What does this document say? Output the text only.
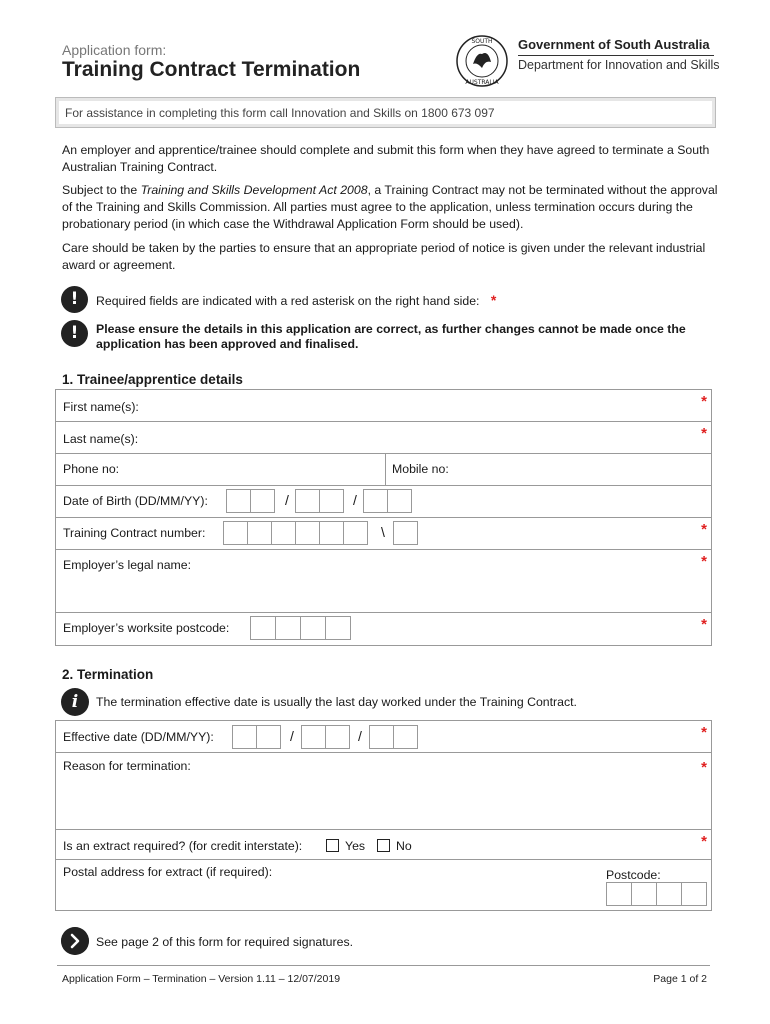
Application form:
Training Contract Termination
SOUTH
AUSTRALIA
Government of South Australia
Department for Innovation and Skills
For assistance in completing this form call Innovation and Skills on 1800 673 097
An employer and apprentice/trainee should complete and submit this form when they have agreed to terminate a South Australian Training Contract.
Subject to the Training and Skills Development Act 2008, a Training Contract may not be terminated without the approval of the Training and Skills Commission. All parties must agree to the application, unless termination occurs during the probationary period (in which case the Withdrawal Application Form should be used).
Care should be taken by the parties to ensure that an appropriate period of notice is given under the relevant industrial award or agreement.
!	Required fields are indicated with a red asterisk on the right hand side: *
!	Please ensure the details in this application are correct, as further changes cannot be made once the application has been approved and finalised.
1. Trainee/apprentice details
First name(s):	*
Last name(s):	*
Phone no:	Mobile no:
Date of Birth (DD/MM/YY):	/	/
Training Contract number:	\	*
Employer’s legal name:	*
Employer’s worksite postcode:	*
2. Termination
i	The termination effective date is usually the last day worked under the Training Contract.
Effective date (DD/MM/YY):	/	/	*
Reason for termination:	*
Is an extract required? (for credit interstate):	Yes	No	*
Postal address for extract (if required):	Postcode:
See page 2 of this form for required signatures.
Application Form – Termination – Version 1.11 – 12/07/2019	Page 1 of 2
